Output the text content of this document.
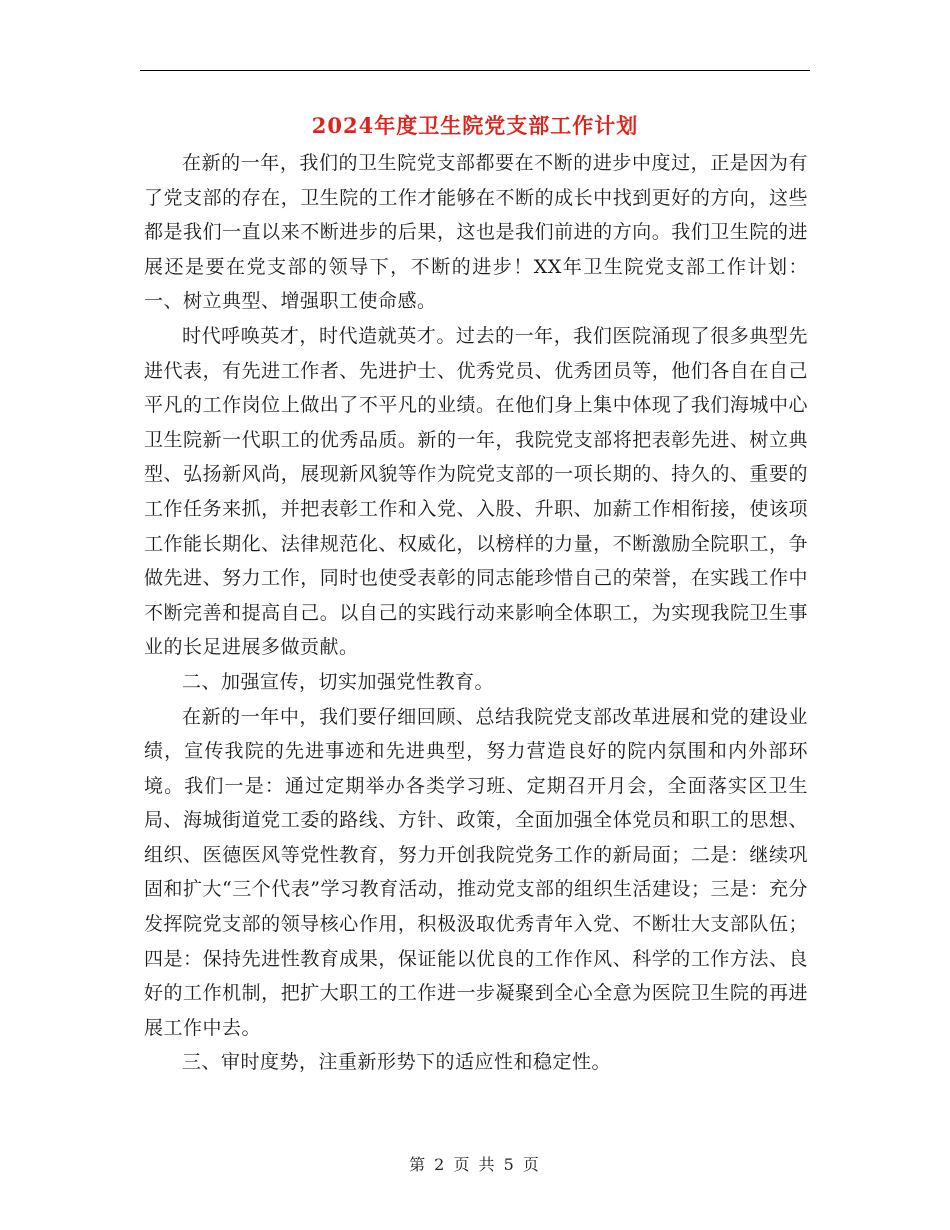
2024年度卫生院党支部工作计划

在新的一年，我们的卫生院党支部都要在不断的进步中度过，正是因为有了党支部的存在，卫生院的工作才能够在不断的成长中找到更好的方向，这些都是我们一直以来不断进步的后果，这也是我们前进的方向。我们卫生院的进展还是要在党支部的领导下，不断的进步！XX年卫生院党支部工作计划： 一、树立典型、增强职工使命感。

时代呼唤英才，时代造就英才。过去的一年，我们医院涌现了很多典型先进代表，有先进工作者、先进护士、优秀党员、优秀团员等，他们各自在自己平凡的工作岗位上做出了不平凡的业绩。在他们身上集中体现了我们海城中心卫生院新一代职工的优秀品质。新的一年，我院党支部将把表彰先进、树立典型、弘扬新风尚，展现新风貌等作为院党支部的一项长期的、持久的、重要的工作任务来抓，并把表彰工作和入党、入股、升职、加薪工作相衔接，使该项工作能长期化、法律规范化、权威化，以榜样的力量，不断激励全院职工，争做先进、努力工作，同时也使受表彰的同志能珍惜自己的荣誉，在实践工作中不断完善和提高自己。以自己的实践行动来影响全体职工，为实现我院卫生事业的长足进展多做贡献。

二、加强宣传，切实加强党性教育。

在新的一年中，我们要仔细回顾、总结我院党支部改革进展和党的建设业绩，宣传我院的先进事迹和先进典型，努力营造良好的院内氛围和内外部环境。我们一是：通过定期举办各类学习班、定期召开月会，全面落实区卫生局、海城街道党工委的路线、方针、政策，全面加强全体党员和职工的思想、组织、医德医风等党性教育，努力开创我院党务工作的新局面；二是：继续巩固和扩大“三个代表”学习教育活动，推动党支部的组织生活建设；三是：充分发挥院党支部的领导核心作用，积极汲取优秀青年入党、不断壮大支部队伍；四是：保持先进性教育成果，保证能以优良的工作作风、科学的工作方法、良好的工作机制，把扩大职工的工作进一步凝聚到全心全意为医院卫生院的再进展工作中去。

三、审时度势，注重新形势下的适应性和稳定性。

第 2 页 共 5 页
